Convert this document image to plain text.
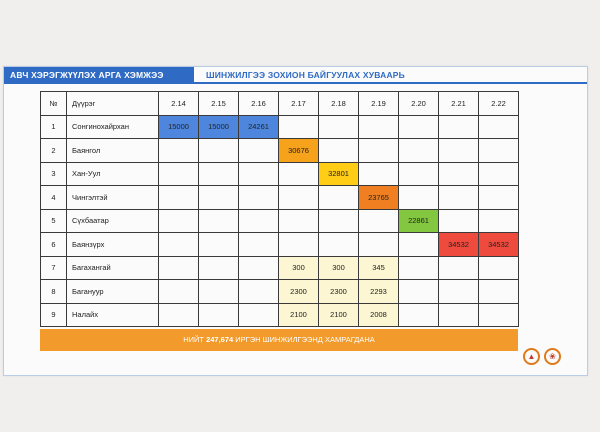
АВЧ ХЭРЭГЖҮҮЛЭХ АРГА ХЭМЖЭЭ	ШИНЖИЛГЭЭ ЗОХИОН БАЙГУУЛАХ ХУВААРЬ
№	Дүүрэг	2.14	2.15	2.16	2.17	2.18	2.19	2.20	2.21	2.22
1	Сонгинохайрхан	15000	15000	24261						
2	Баянгол				30676					
3	Хан-Уул					32801				
4	Чингэлтэй						23765			
5	Сүхбаатар							22861		
6	Баянзүрх								34532	34532
7	Багахангай				300	300	345			
8	Багануур				2300	2300	2293			
9	Налайх				2100	2100	2008			
НИЙТ 247,674 ИРГЭН ШИНЖИЛГЭЭНД ХАМРАГДАНА
▲	❀
